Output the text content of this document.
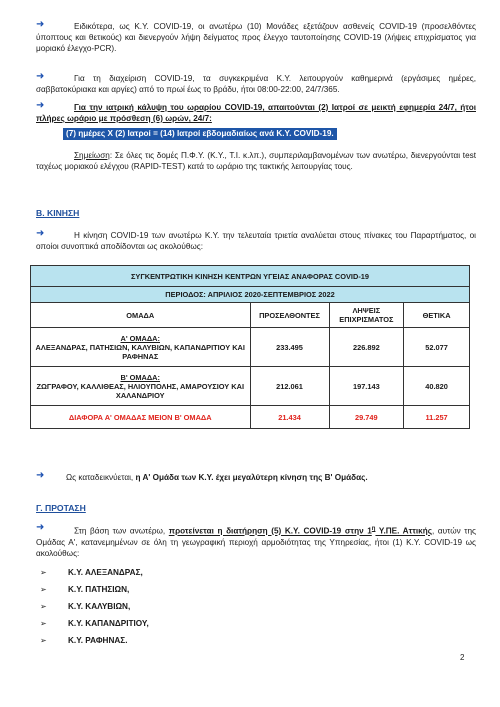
➜	Ειδικότερα, ως Κ.Υ. COVID-19, οι ανωτέρω (10) Μονάδες εξετάζουν ασθενείς COVID-19 (προσελθόντες ύποπτους και θετικούς) και διενεργούν λήψη δείγματος προς έλεγχο ταυτοποίησης COVID-19 (λήψεις επιχρίσματος για μοριακό έλεγχο-PCR).
➜	Για τη διαχείριση COVID-19, τα συγκεκριμένα Κ.Υ. λειτουργούν καθημερινά (εργάσιμες ημέρες, σαββατοκύριακα και αργίες) από το πρωί έως το βράδυ, ήτοι 08:00-22:00, 24/7/365.
➜	Για την ιατρική κάλυψη του ωραρίου COVID-19, απαιτούνται (2) Ιατροί σε μεικτή εφημερία 24/7, ήτοι πλήρες ωράριο με πρόσθεση (6) ωρών, 24/7:
(7) ημέρες Χ (2) Ιατροί = (14) Ιατροί εβδομαδιαίως ανά Κ.Υ. COVID-19.
Σημείωση: Σε όλες τις δομές Π.Φ.Υ. (Κ.Υ., Τ.Ι. κ.λπ.), συμπεριλαμβανομένων των ανωτέρω, διενεργούνται test ταχέως μοριακού ελέγχου (RAPID-TEST) κατά το ωράριο της τακτικής λειτουργίας τους.
Β. ΚΙΝΗΣΗ
➜	Η κίνηση COVID-19 των ανωτέρω Κ.Υ. την τελευταία τριετία αναλύεται στους πίνακες του Παραρτήματος, οι οποίοι συνοπτικά αποδίδονται ως ακολούθως:
ΣΥΓΚΕΝΤΡΩΤΙΚΗ ΚΙΝΗΣΗ ΚΕΝΤΡΩΝ ΥΓΕΙΑΣ ΑΝΑΦΟΡΑΣ COVID-19			
ΠΕΡΙΟΔΟΣ: ΑΠΡΙΛΙΟΣ 2020-ΣΕΠΤΕΜΒΡΙΟΣ 2022			
ΟΜΑΔΑ	ΠΡΟΣΕΛΘΟΝΤΕΣ	ΛΗΨΕΙΣ ΕΠΙΧΡΙΣΜΑΤΟΣ	ΘΕΤΙΚΑ

Α' ΟΜΑΔΑ:
ΑΛΕΞΑΝΔΡΑΣ, ΠΑΤΗΣΙΩΝ, ΚΑΛΥΒΙΩΝ, ΚΑΠΑΝΔΡΙΤΙΟΥ ΚΑΙ ΡΑΦΗΝΑΣ	233.495	226.892	52.077

Β' ΟΜΑΔΑ:
ΖΩΓΡΑΦΟΥ, ΚΑΛΛΙΘΕΑΣ, ΗΛΙΟΥΠΟΛΗΣ, ΑΜΑΡΟΥΣΙΟΥ ΚΑΙ ΧΑΛΑΝΔΡΙΟΥ	212.061	197.143	40.820
ΔΙΑΦΟΡΑ Α' ΟΜΑΔΑΣ ΜΕΙΟΝ Β' ΟΜΑΔΑ	21.434	29.749	11.257
➜	Ως καταδεικνύεται, η Α' Ομάδα των Κ.Υ. έχει μεγαλύτερη κίνηση της Β' Ομάδας.
Γ. ΠΡΟΤΑΣΗ
➜	Στη βάση των ανωτέρω, προτείνεται η διατήρηση (5) Κ.Υ. COVID-19 στην $1^\eta$ Υ.ΠΕ. Αττικής, αυτών της Ομάδας Α', κατανεμημένων σε όλη τη γεωγραφική περιοχή αρμοδιότητας της Υπηρεσίας, ήτοι (1) Κ.Υ. COVID-19 ως ακολούθως:
➢	Κ.Υ. ΑΛΕΞΑΝΔΡΑΣ,
➢	Κ.Υ. ΠΑΤΗΣΙΩΝ,
➢	Κ.Υ. ΚΑΛΥΒΙΩΝ,
➢	Κ.Υ. ΚΑΠΑΝΔΡΙΤΙΟΥ,
➢	Κ.Υ. ΡΑΦΗΝΑΣ.
2
